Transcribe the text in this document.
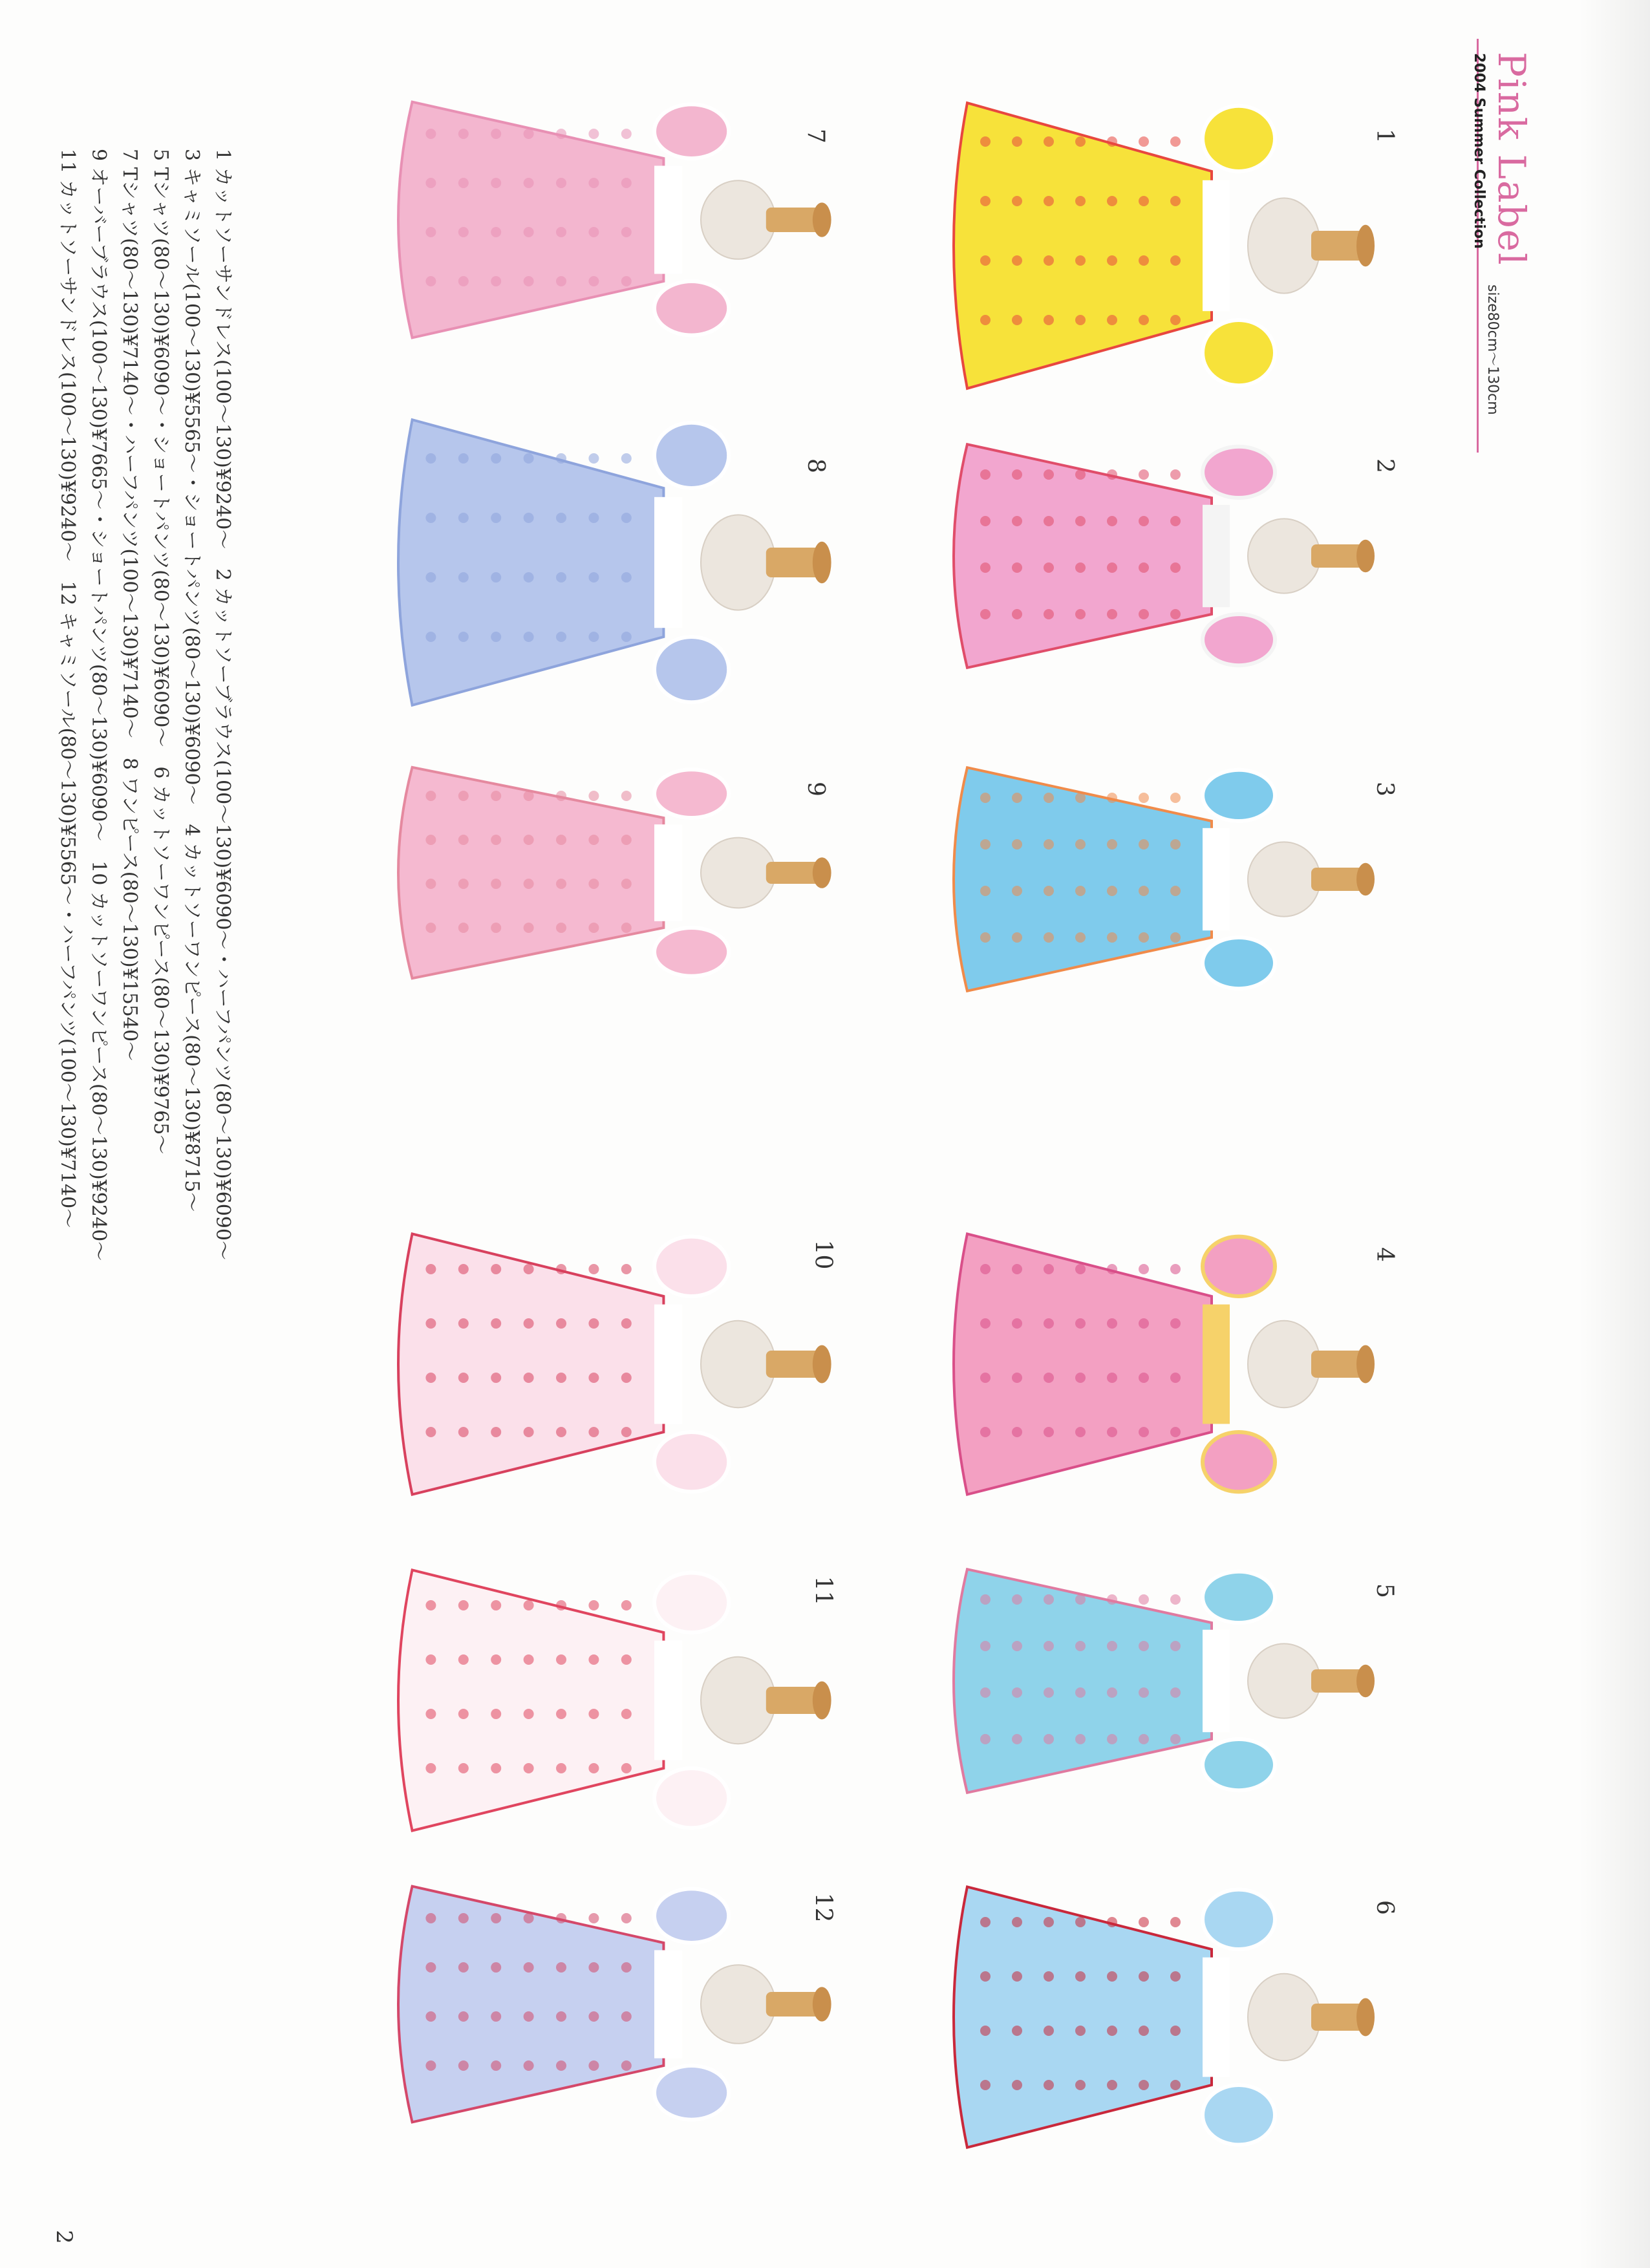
Pink Label
2004 Summer Collection
size80cm～130cm
1
2
3
4
5
6
7
8
9
10
11
12
1 カットソーサンドレス(100～130)¥9240～　2 カットソーブラウス(100～130)¥6090～・ハーフパンツ(80～130)¥6090～
3 キャミソール(100～130)¥5565～・ショートパンツ(80～130)¥6090～　4 カットソーワンピース(80～130)¥8715～
5 Tシャツ(80～130)¥6090～・ショートパンツ(80～130)¥6090～　6 カットソーワンピース(80～130)¥9765～
7 Tシャツ(80～130)¥7140～・ハーフパンツ(100～130)¥7140～　8 ワンピース(80～130)¥15540～
9 オーバーブラウス(100～130)¥7665～・ショートパンツ(80～130)¥6090～　10 カットソーワンピース(80～130)¥9240～
11 カットソーサンドレス(100～130)¥9240～　12 キャミソール(80～130)¥5565～・ハーフパンツ(100～130)¥7140～
2
